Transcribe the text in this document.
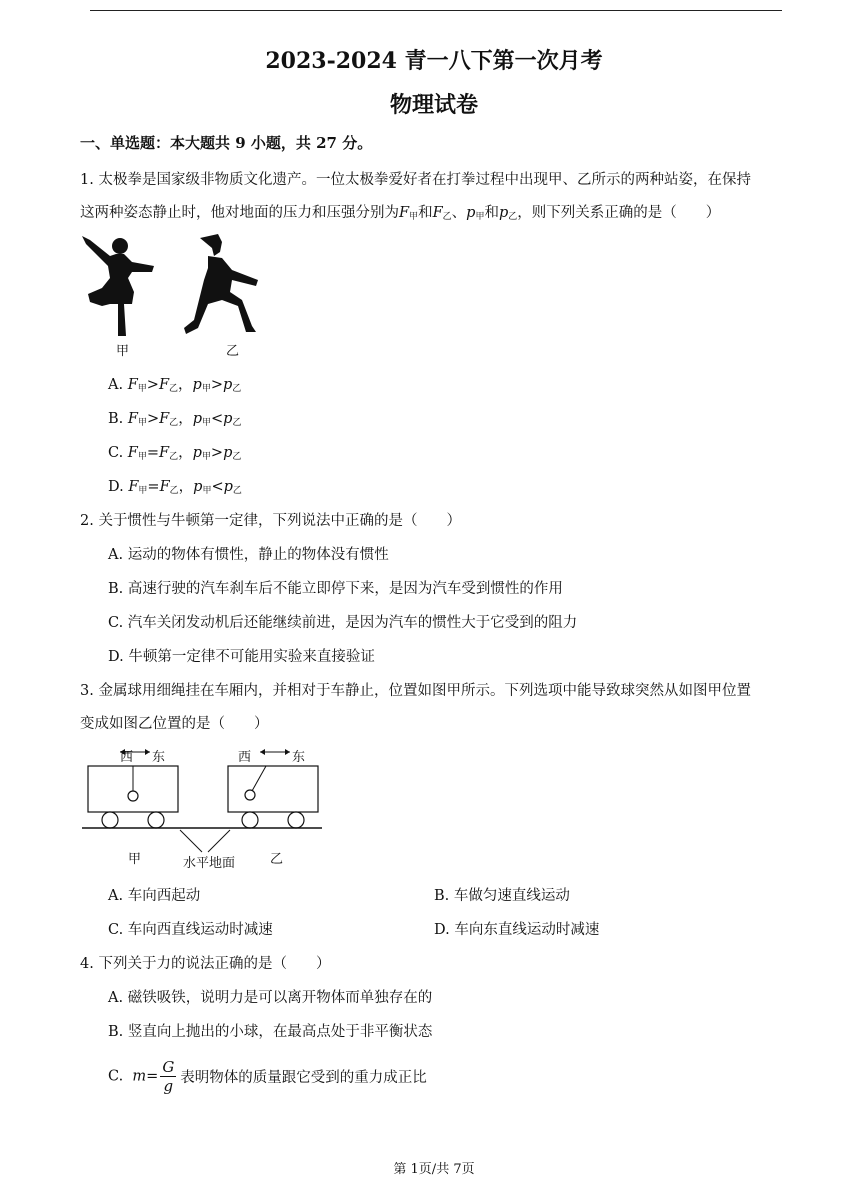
2023-2024 青一八下第一次月考
物理试卷
一、单选题：本大题共 9 小题，共 27 分。
1. 太极拳是国家级非物质文化遗产。一位太极拳爱好者在打拳过程中出现甲、乙所示的两种站姿，在保持
这两种姿态静止时，他对地面的压力和压强分别为$F_甲$和$F_乙$、$p_甲$和$p_乙$，则下列关系正确的是（　　）
甲	乙
A. $F_甲>F_乙$，$p_甲>p_乙$
B. $F_甲>F_乙$，$p_甲<p_乙$
C. $F_甲=F_乙$，$p_甲>p_乙$
D. $F_甲=F_乙$，$p_甲<p_乙$
2. 关于惯性与牛顿第一定律，下列说法中正确的是（　　）
A. 运动的物体有惯性，静止的物体没有惯性
B. 高速行驶的汽车刹车后不能立即停下来，是因为汽车受到惯性的作用
C. 汽车关闭发动机后还能继续前进，是因为汽车的惯性大于它受到的阻力
D. 牛顿第一定律不可能用实验来直接验证
3. 金属球用细绳挂在车厢内，并相对于车静止，位置如图甲所示。下列选项中能导致球突然从如图甲位置
变成如图乙位置的是（　　）
西 东	西	东
甲	水平地面	乙
A. 车向西起动	B. 车做匀速直线运动
C. 车向西直线运动时减速	D. 车向东直线运动时减速
4. 下列关于力的说法正确的是（　　）
A. 磁铁吸铁，说明力是可以离开物体而单独存在的
B. 竖直向上抛出的小球，在最高点处于非平衡状态
C. $m= \frac{G}{g}$ 表明物体的质量跟它受到的重力成正比
第 1页/共 7页
